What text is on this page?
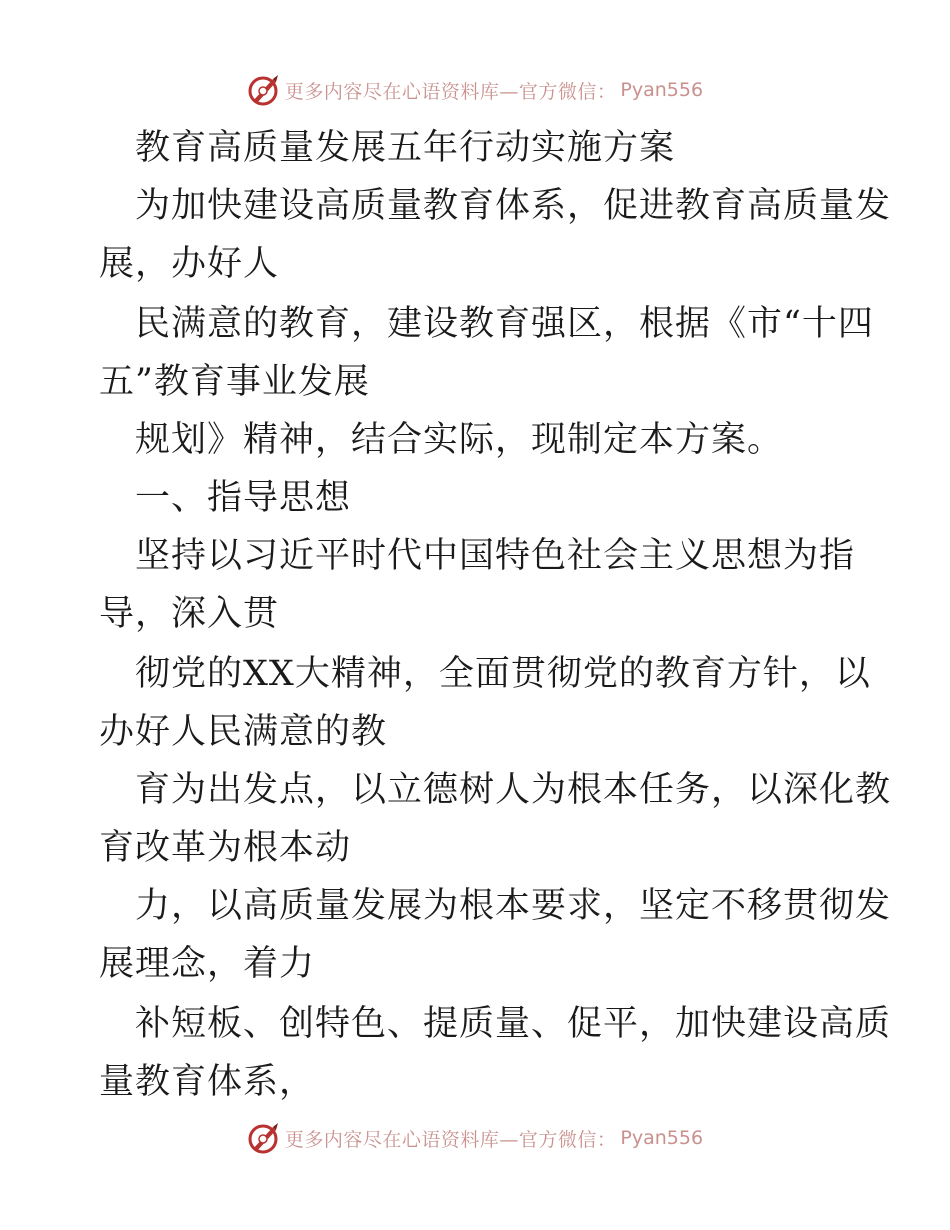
更多内容尽在心语资料库—官方微信： Pyan556
教育高质量发展五年行动实施方案
为加快建设高质量教育体系，促进教育高质量发
展，办好人
民满意的教育，建设教育强区，根据《市“十四
五”教育事业发展
规划》精神，结合实际，现制定本方案。
一、指导思想
坚持以习近平时代中国特色社会主义思想为指
导，深入贯
彻党的XX大精神，全面贯彻党的教育方针，以
办好人民满意的教
育为出发点，以立德树人为根本任务，以深化教
育改革为根本动
力，以高质量发展为根本要求，坚定不移贯彻发
展理念，着力
补短板、创特色、提质量、促平，加快建设高质
量教育体系，
更多内容尽在心语资料库—官方微信： Pyan556
